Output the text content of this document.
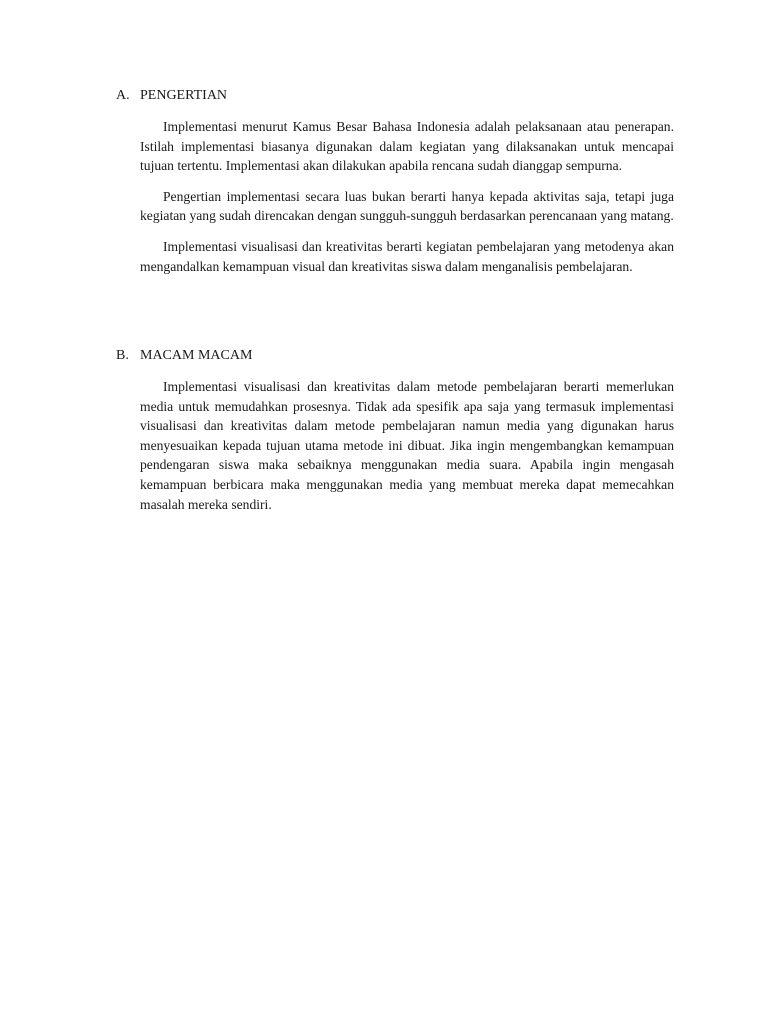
A. PENGERTIAN

Implementasi menurut Kamus Besar Bahasa Indonesia adalah pelaksanaan atau penerapan. Istilah implementasi biasanya digunakan dalam kegiatan yang dilaksanakan untuk mencapai tujuan tertentu. Implementasi akan dilakukan apabila rencana sudah dianggap sempurna.

Pengertian implementasi secara luas bukan berarti hanya kepada aktivitas saja, tetapi juga kegiatan yang sudah direncakan dengan sungguh-sungguh berdasarkan perencanaan yang matang.

Implementasi visualisasi dan kreativitas berarti kegiatan pembelajaran yang metodenya akan mengandalkan kemampuan visual dan kreativitas siswa dalam menganalisis pembelajaran.

B. MACAM MACAM

Implementasi visualisasi dan kreativitas dalam metode pembelajaran berarti memerlukan media untuk memudahkan prosesnya. Tidak ada spesifik apa saja yang termasuk implementasi visualisasi dan kreativitas dalam metode pembelajaran namun media yang digunakan harus menyesuaikan kepada tujuan utama metode ini dibuat. Jika ingin mengembangkan kemampuan pendengaran siswa maka sebaiknya menggunakan media suara. Apabila ingin mengasah kemampuan berbicara maka menggunakan media yang membuat mereka dapat memecahkan masalah mereka sendiri.
